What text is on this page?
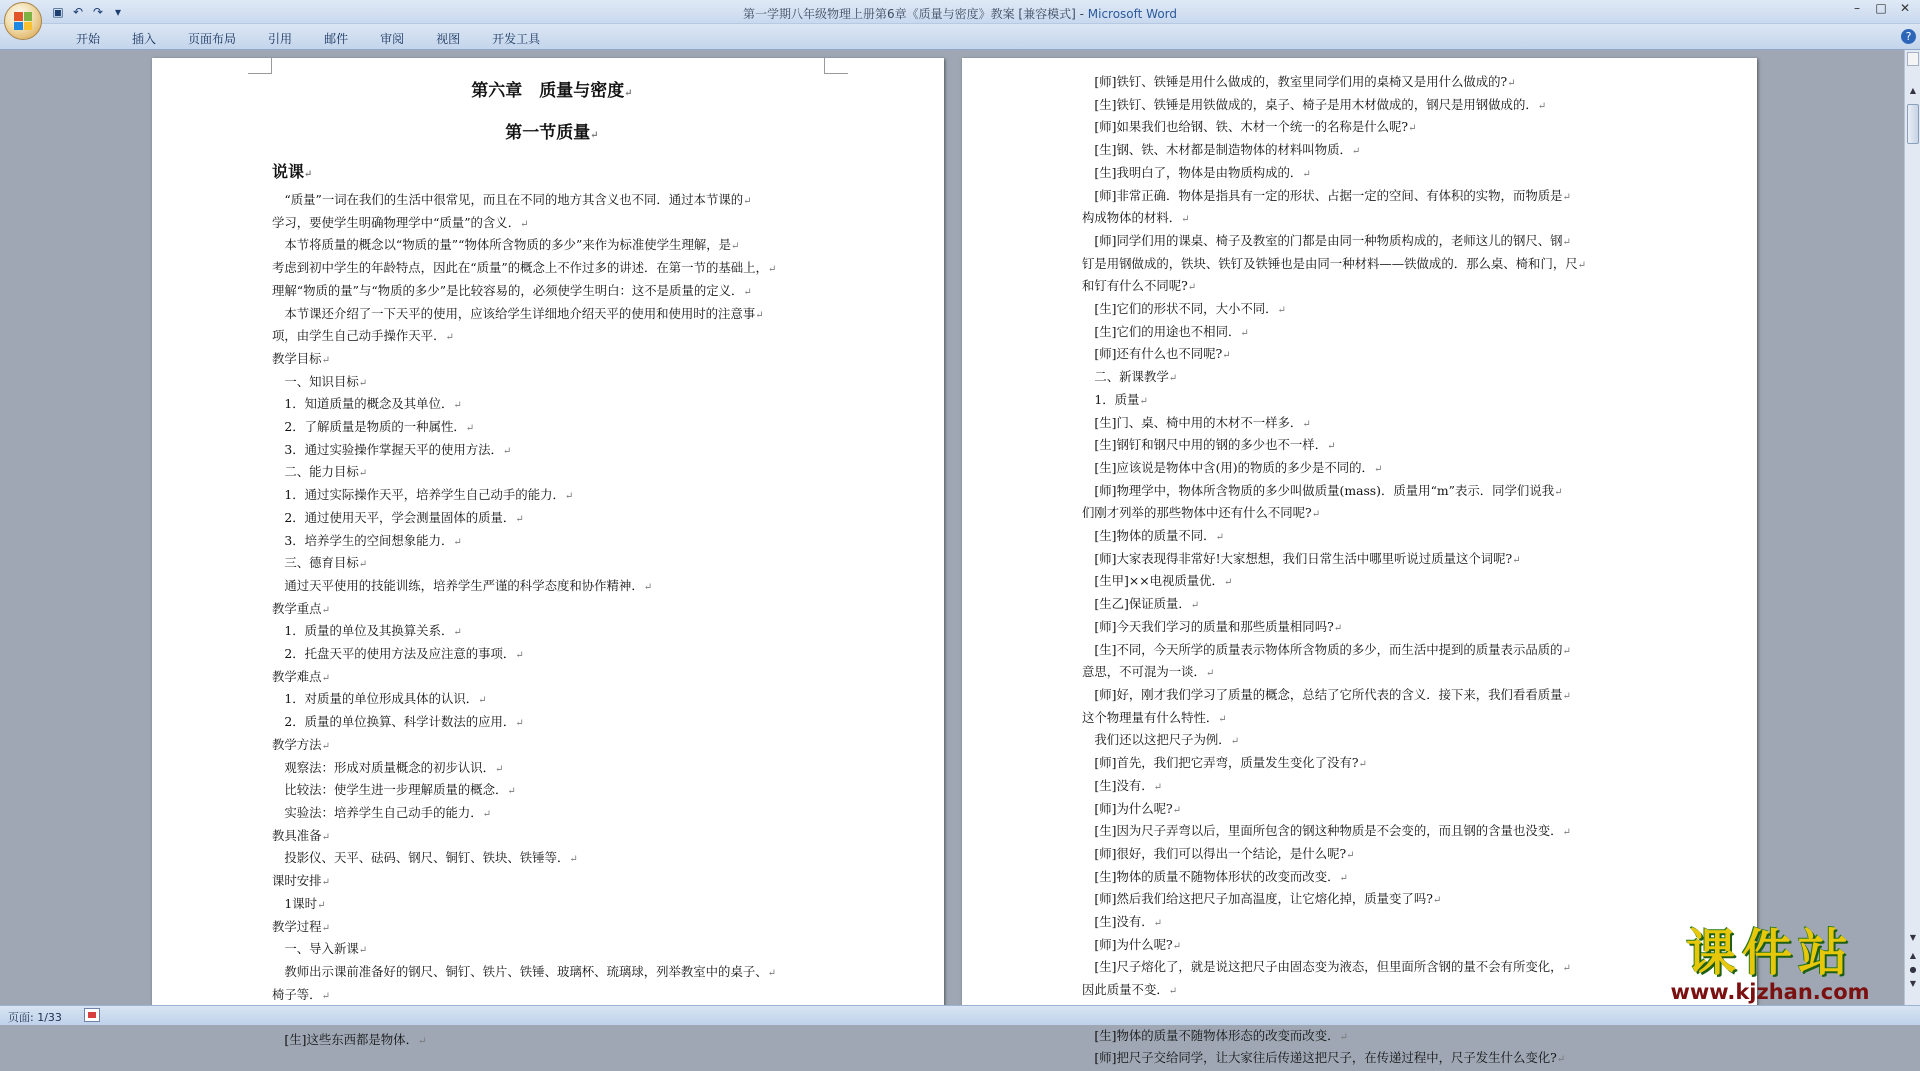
▣ ↶ ↷ ▾	第一学期八年级物理上册第6章《质量与密度》教案 [兼容模式] - Microsoft Word	–	□	✕
开始	插入	页面布局	引用	邮件	审阅	视图	开发工具	?
第六章　质量与密度↵
第一节质量↵
说课↵
　“质量”一词在我们的生活中很常见，而且在不同的地方其含义也不同．通过本节课的↵
学习，要使学生明确物理学中“质量”的含义．↵
　本节将质量的概念以“物质的量”“物体所含物质的多少”来作为标准使学生理解，是↵
考虑到初中学生的年龄特点，因此在“质量”的概念上不作过多的讲述．在第一节的基础上，↵
理解“物质的量”与“物质的多少”是比较容易的，必须使学生明白：这不是质量的定义．↵
　本节课还介绍了一下天平的使用，应该给学生详细地介绍天平的使用和使用时的注意事↵
项，由学生自己动手操作天平．↵
教学目标↵
　一、知识目标↵
　1．知道质量的概念及其单位．↵
　2．了解质量是物质的一种属性．↵
　3．通过实验操作掌握天平的使用方法．↵
　二、能力目标↵
　1．通过实际操作天平，培养学生自己动手的能力．↵
　2．通过使用天平，学会测量固体的质量．↵
　3．培养学生的空间想象能力．↵
　三、德育目标↵
　通过天平使用的技能训练，培养学生严谨的科学态度和协作精神．↵
教学重点↵
　1．质量的单位及其换算关系．↵
　2．托盘天平的使用方法及应注意的事项．↵
教学难点↵
　1．对质量的单位形成具体的认识．↵
　2．质量的单位换算、科学计数法的应用．↵
教学方法↵
　观察法：形成对质量概念的初步认识．↵
　比较法：使学生进一步理解质量的概念．↵
　实验法：培养学生自己动手的能力．↵
教具准备↵
　投影仪、天平、砝码、钢尺、铜钉、铁块、铁锤等．↵
课时安排↵
　1课时↵
教学过程↵
　一、导入新课↵
　教师出示课前准备好的钢尺、铜钉、铁片、铁锤、玻璃杯、琉璃球，列举教室中的桌子、↵
椅子等．↵
　[生]这些东西都是物体．↵
　[师]铁钉、铁锤是用什么做成的，教室里同学们用的桌椅又是用什么做成的?↵
　[生]铁钉、铁锤是用铁做成的，桌子、椅子是用木材做成的，钢尺是用钢做成的．↵
　[师]如果我们也给钢、铁、木材一个统一的名称是什么呢?↵
　[生]钢、铁、木材都是制造物体的材料叫物质．↵
　[生]我明白了，物体是由物质构成的．↵
　[师]非常正确．物体是指具有一定的形状、占据一定的空间、有体积的实物，而物质是↵
构成物体的材料．↵
　[师]同学们用的课桌、椅子及教室的门都是由同一种物质构成的，老师这儿的钢尺、钢↵
钉是用钢做成的，铁块、铁钉及铁锤也是由同一种材料——铁做成的．那么桌、椅和门，尺↵
和钉有什么不同呢?↵
　[生]它们的形状不同，大小不同．↵
　[生]它们的用途也不相同．↵
　[师]还有什么也不同呢?↵
　二、新课教学↵
　1．质量↵
　[生]门、桌、椅中用的木材不一样多．↵
　[生]钢钉和钢尺中用的钢的多少也不一样．↵
　[生]应该说是物体中含(用)的物质的多少是不同的．↵
　[师]物理学中，物体所含物质的多少叫做质量(mass)．质量用“m”表示．同学们说我↵
们刚才列举的那些物体中还有什么不同呢?↵
　[生]物体的质量不同．↵
　[师]大家表现得非常好!大家想想，我们日常生活中哪里听说过质量这个词呢?↵
　[生甲]××电视质量优．↵
　[生乙]保证质量．↵
　[师]今天我们学习的质量和那些质量相同吗?↵
　[生]不同，今天所学的质量表示物体所含物质的多少，而生活中提到的质量表示品质的↵
意思，不可混为一谈．↵
　[师]好，刚才我们学习了质量的概念，总结了它所代表的含义．接下来，我们看看质量↵
这个物理量有什么特性．↵
　我们还以这把尺子为例．↵
　[师]首先，我们把它弄弯，质量发生变化了没有?↵
　[生]没有．↵
　[师]为什么呢?↵
　[生]因为尺子弄弯以后，里面所包含的钢这种物质是不会变的，而且钢的含量也没变．↵
　[师]很好，我们可以得出一个结论，是什么呢?↵
　[生]物体的质量不随物体形状的改变而改变．↵
　[师]然后我们给这把尺子加高温度，让它熔化掉，质量变了吗?↵
　[生]没有．↵
　[师]为什么呢?↵
　[生]尺子熔化了，就是说这把尺子由固态变为液态，但里面所含钢的量不会有所变化，↵
因此质量不变．↵
　[生]物体的质量不随物体形态的改变而改变．↵
　[师]把尺子交给同学，让大家往后传递这把尺子，在传递过程中，尺子发生什么变化?↵
▲
▼
▲
●
▼
页面: 1/33
课件站
www.kjzhan.com
